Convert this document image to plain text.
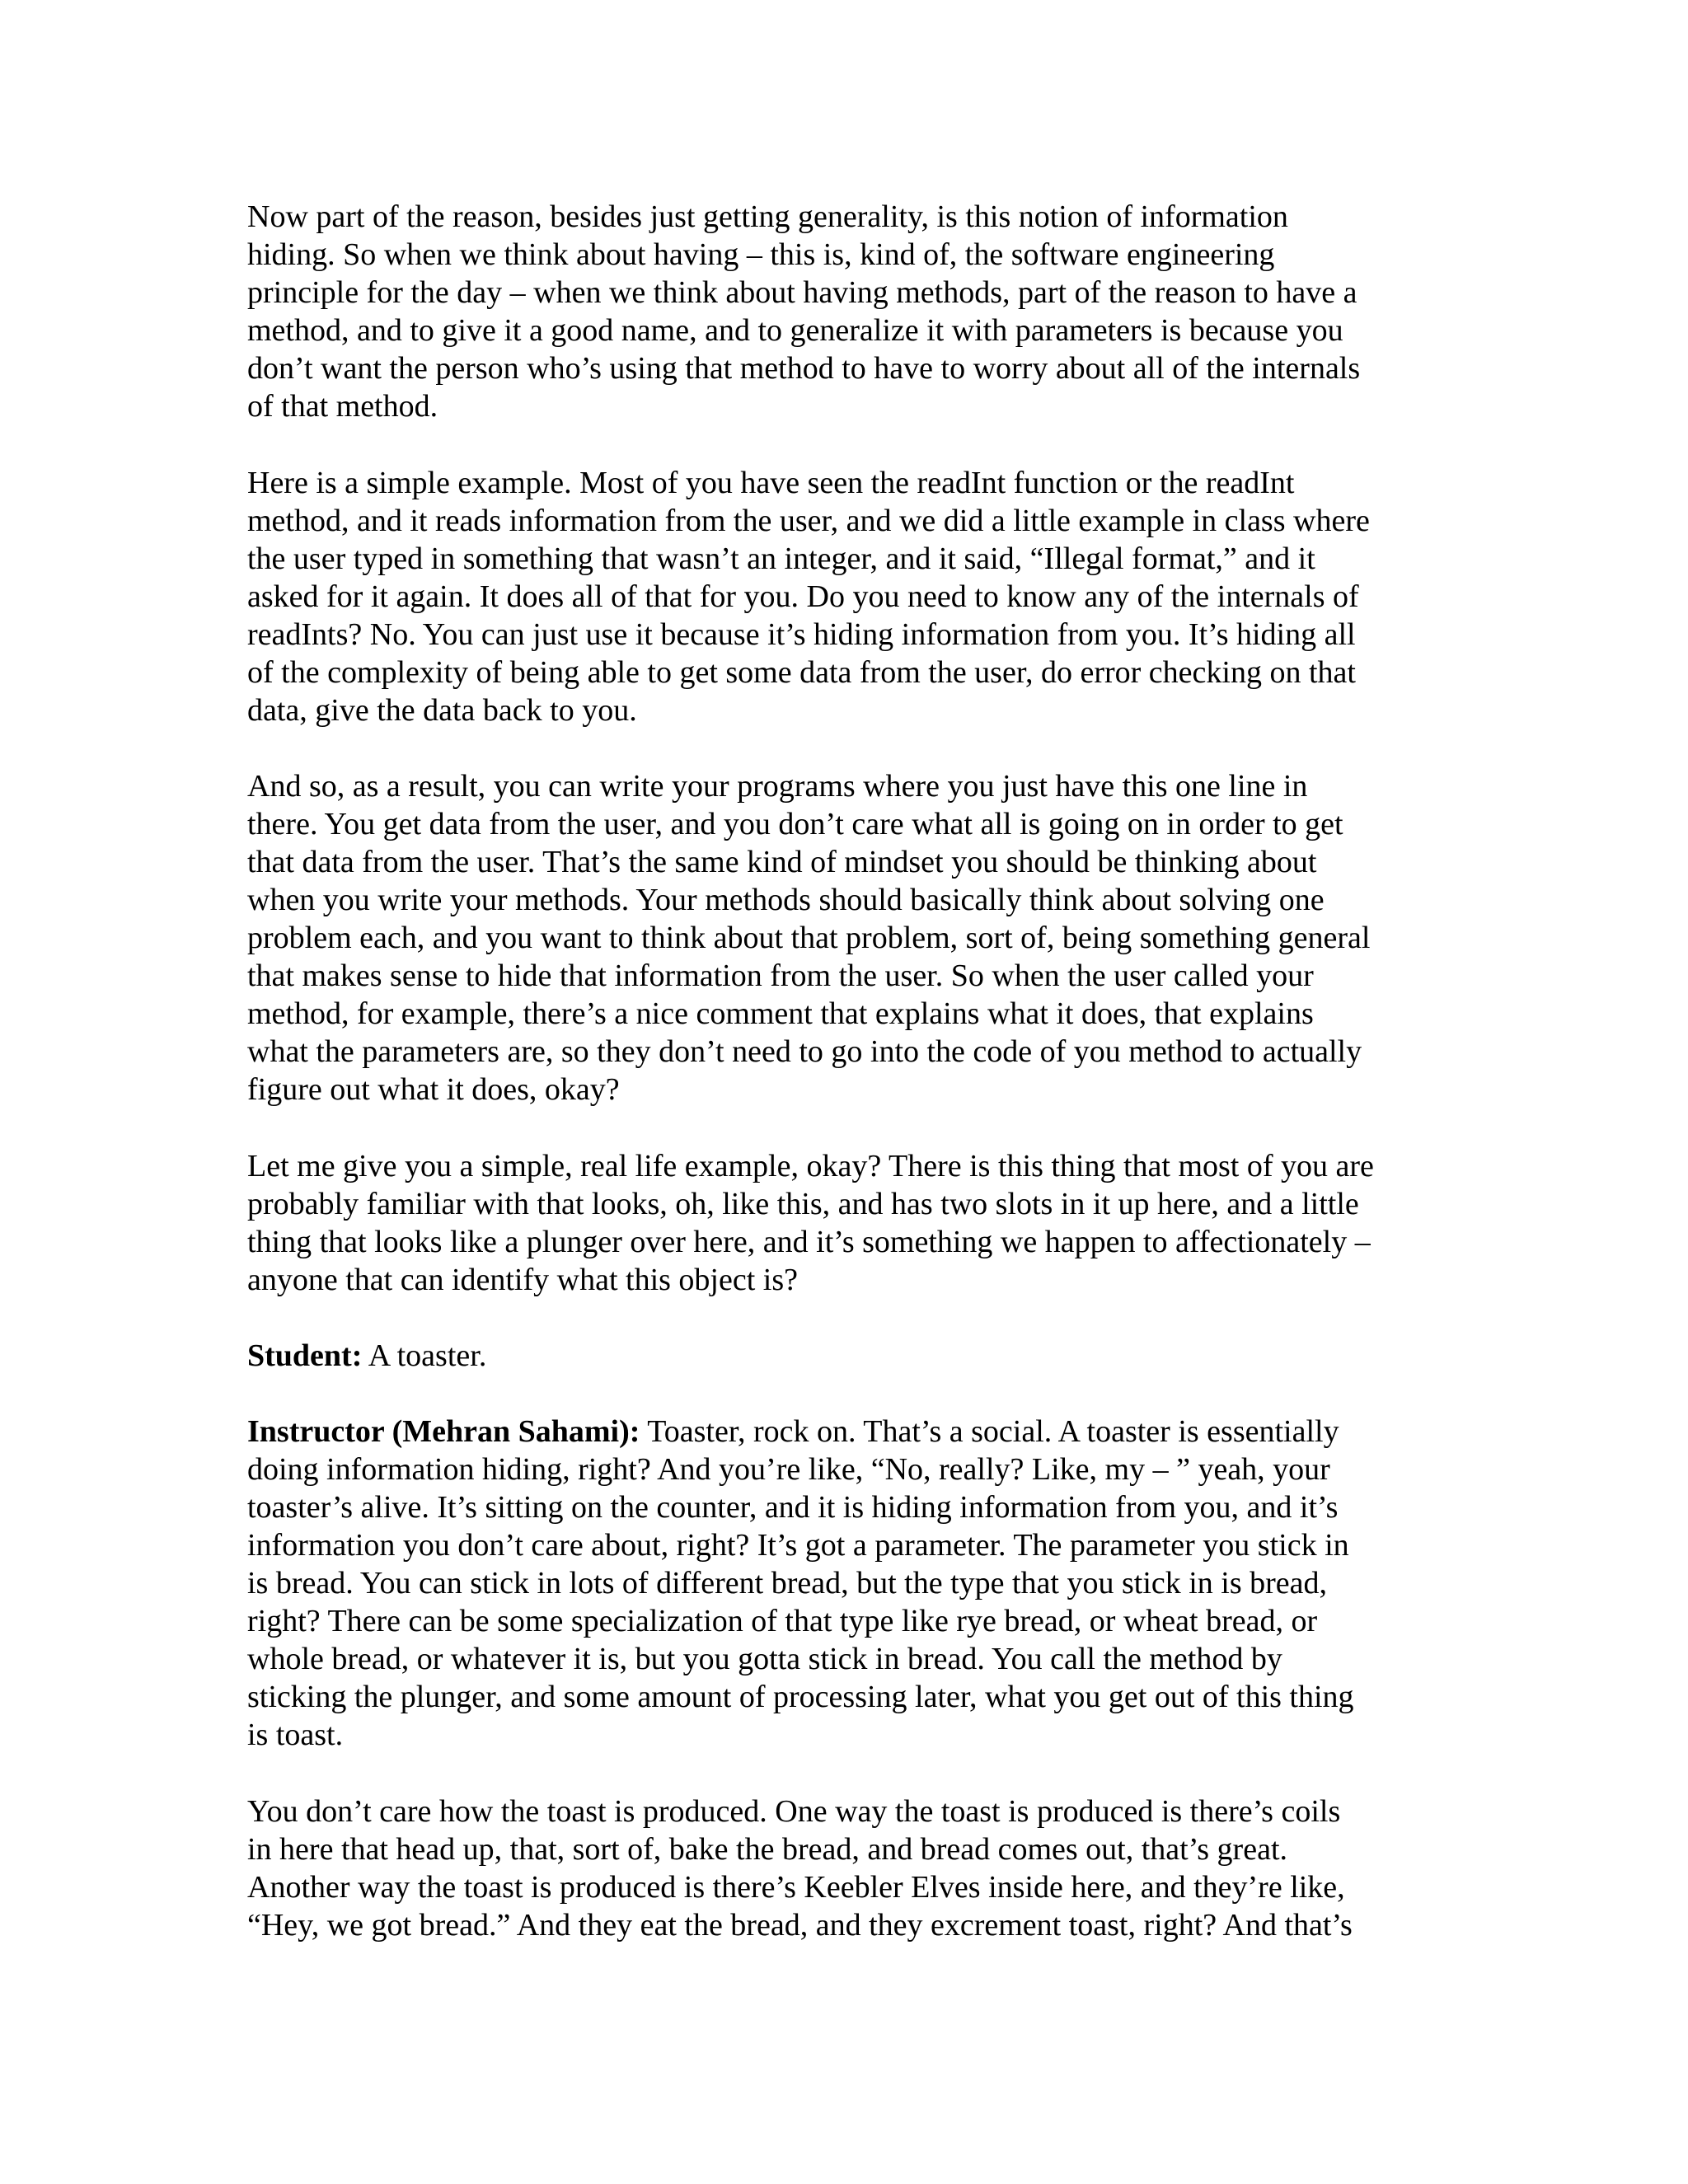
Now part of the reason, besides just getting generality, is this notion of information
hiding. So when we think about having – this is, kind of, the software engineering
principle for the day – when we think about having methods, part of the reason to have a
method, and to give it a good name, and to generalize it with parameters is because you
don’t want the person who’s using that method to have to worry about all of the internals
of that method.
Here is a simple example. Most of you have seen the readInt function or the readInt
method, and it reads information from the user, and we did a little example in class where
the user typed in something that wasn’t an integer, and it said, “Illegal format,” and it
asked for it again. It does all of that for you. Do you need to know any of the internals of
readInts? No. You can just use it because it’s hiding information from you. It’s hiding all
of the complexity of being able to get some data from the user, do error checking on that
data, give the data back to you.
And so, as a result, you can write your programs where you just have this one line in
there. You get data from the user, and you don’t care what all is going on in order to get
that data from the user. That’s the same kind of mindset you should be thinking about
when you write your methods. Your methods should basically think about solving one
problem each, and you want to think about that problem, sort of, being something general
that makes sense to hide that information from the user. So when the user called your
method, for example, there’s a nice comment that explains what it does, that explains
what the parameters are, so they don’t need to go into the code of you method to actually
figure out what it does, okay?
Let me give you a simple, real life example, okay? There is this thing that most of you are
probably familiar with that looks, oh, like this, and has two slots in it up here, and a little
thing that looks like a plunger over here, and it’s something we happen to affectionately –
anyone that can identify what this object is?
Student: A toaster.
Instructor (Mehran Sahami): Toaster, rock on. That’s a social. A toaster is essentially
doing information hiding, right? And you’re like, “No, really? Like, my – ” yeah, your
toaster’s alive. It’s sitting on the counter, and it is hiding information from you, and it’s
information you don’t care about, right? It’s got a parameter. The parameter you stick in
is bread. You can stick in lots of different bread, but the type that you stick in is bread,
right? There can be some specialization of that type like rye bread, or wheat bread, or
whole bread, or whatever it is, but you gotta stick in bread. You call the method by
sticking the plunger, and some amount of processing later, what you get out of this thing
is toast.
You don’t care how the toast is produced. One way the toast is produced is there’s coils
in here that head up, that, sort of, bake the bread, and bread comes out, that’s great.
Another way the toast is produced is there’s Keebler Elves inside here, and they’re like,
“Hey, we got bread.” And they eat the bread, and they excrement toast, right? And that’s
